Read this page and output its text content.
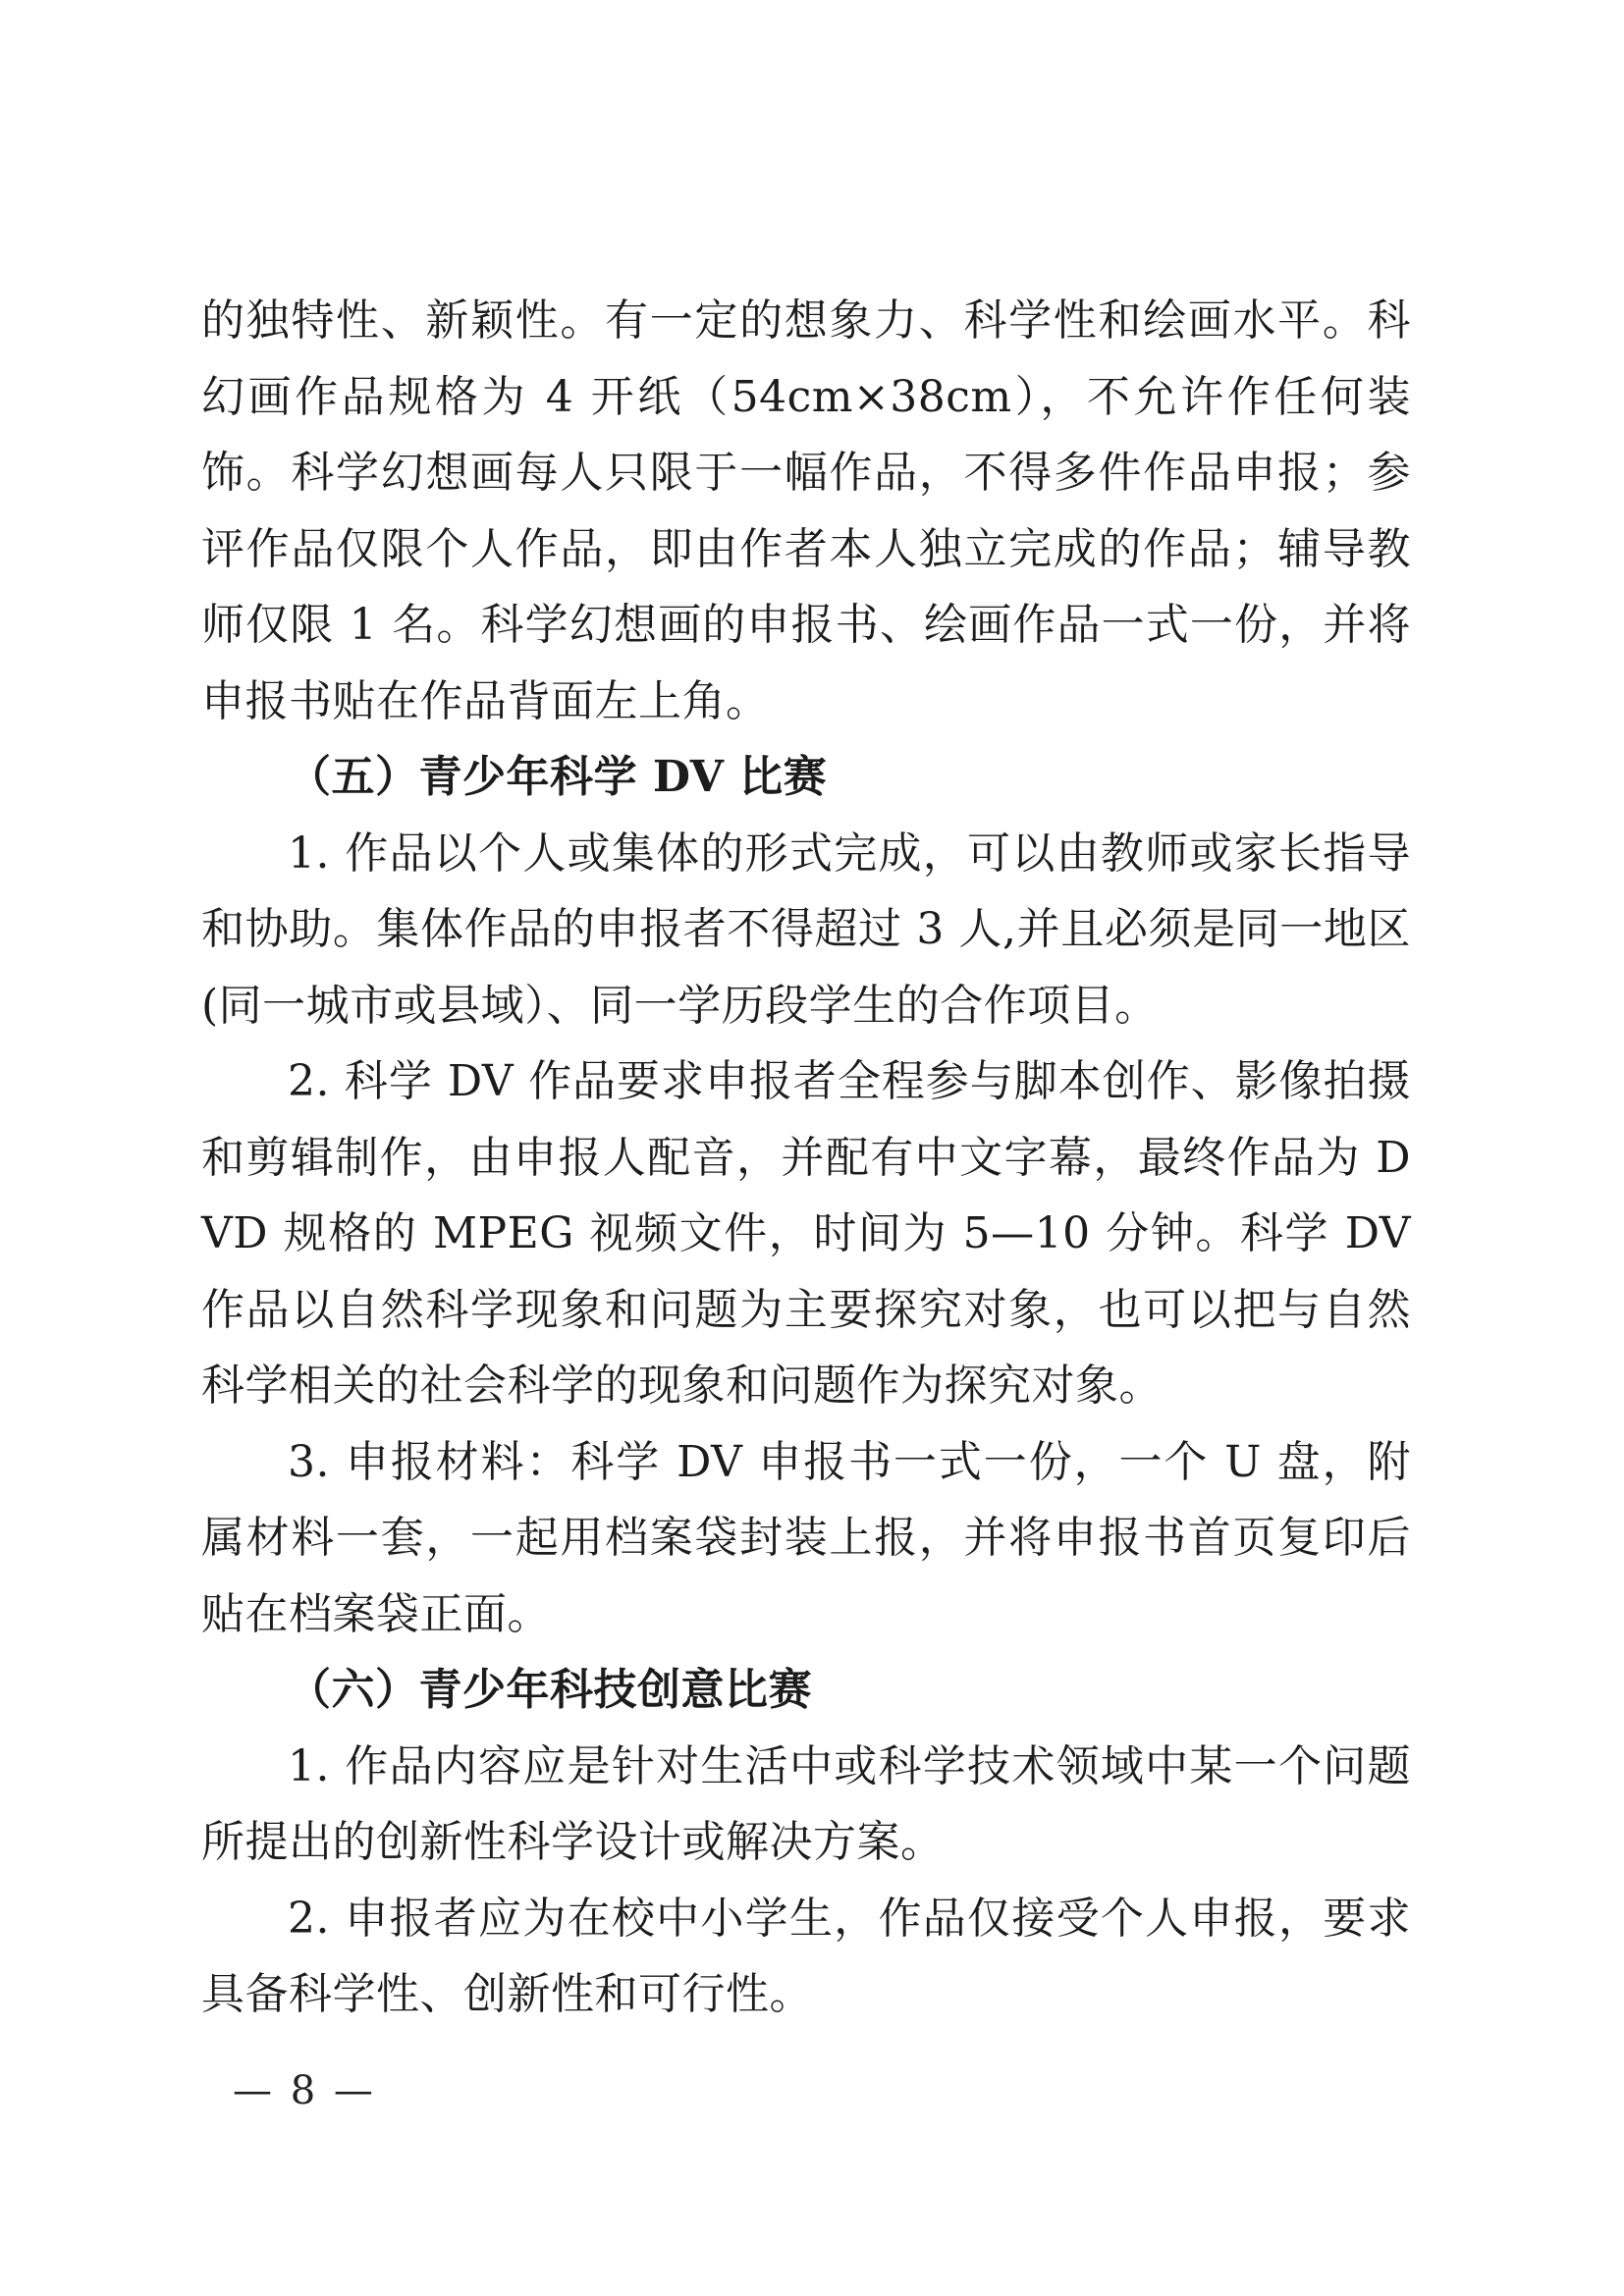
的独特性、新颖性。有一定的想象力、科学性和绘画水平。科幻画作品规格为 4 开纸（54cm×38cm），不允许作任何装饰。科学幻想画每人只限于一幅作品，不得多件作品申报；参评作品仅限个人作品，即由作者本人独立完成的作品；辅导教师仅限 1 名。科学幻想画的申报书、绘画作品一式一份，并将申报书贴在作品背面左上角。

（五）青少年科学 DV 比赛

1. 作品以个人或集体的形式完成，可以由教师或家长指导和协助。集体作品的申报者不得超过 3 人,并且必须是同一地区(同一城市或县域）、同一学历段学生的合作项目。

2. 科学 DV 作品要求申报者全程参与脚本创作、影像拍摄和剪辑制作，由申报人配音，并配有中文字幕，最终作品为 DVD 规格的 MPEG 视频文件，时间为 5—10 分钟。科学 DV 作品以自然科学现象和问题为主要探究对象，也可以把与自然科学相关的社会科学的现象和问题作为探究对象。

3. 申报材料：科学 DV 申报书一式一份，一个 U 盘，附属材料一套，一起用档案袋封装上报，并将申报书首页复印后贴在档案袋正面。

（六）青少年科技创意比赛

1. 作品内容应是针对生活中或科学技术领域中某一个问题所提出的创新性科学设计或解决方案。

2. 申报者应为在校中小学生，作品仅接受个人申报，要求具备科学性、创新性和可行性。

— 8 —
